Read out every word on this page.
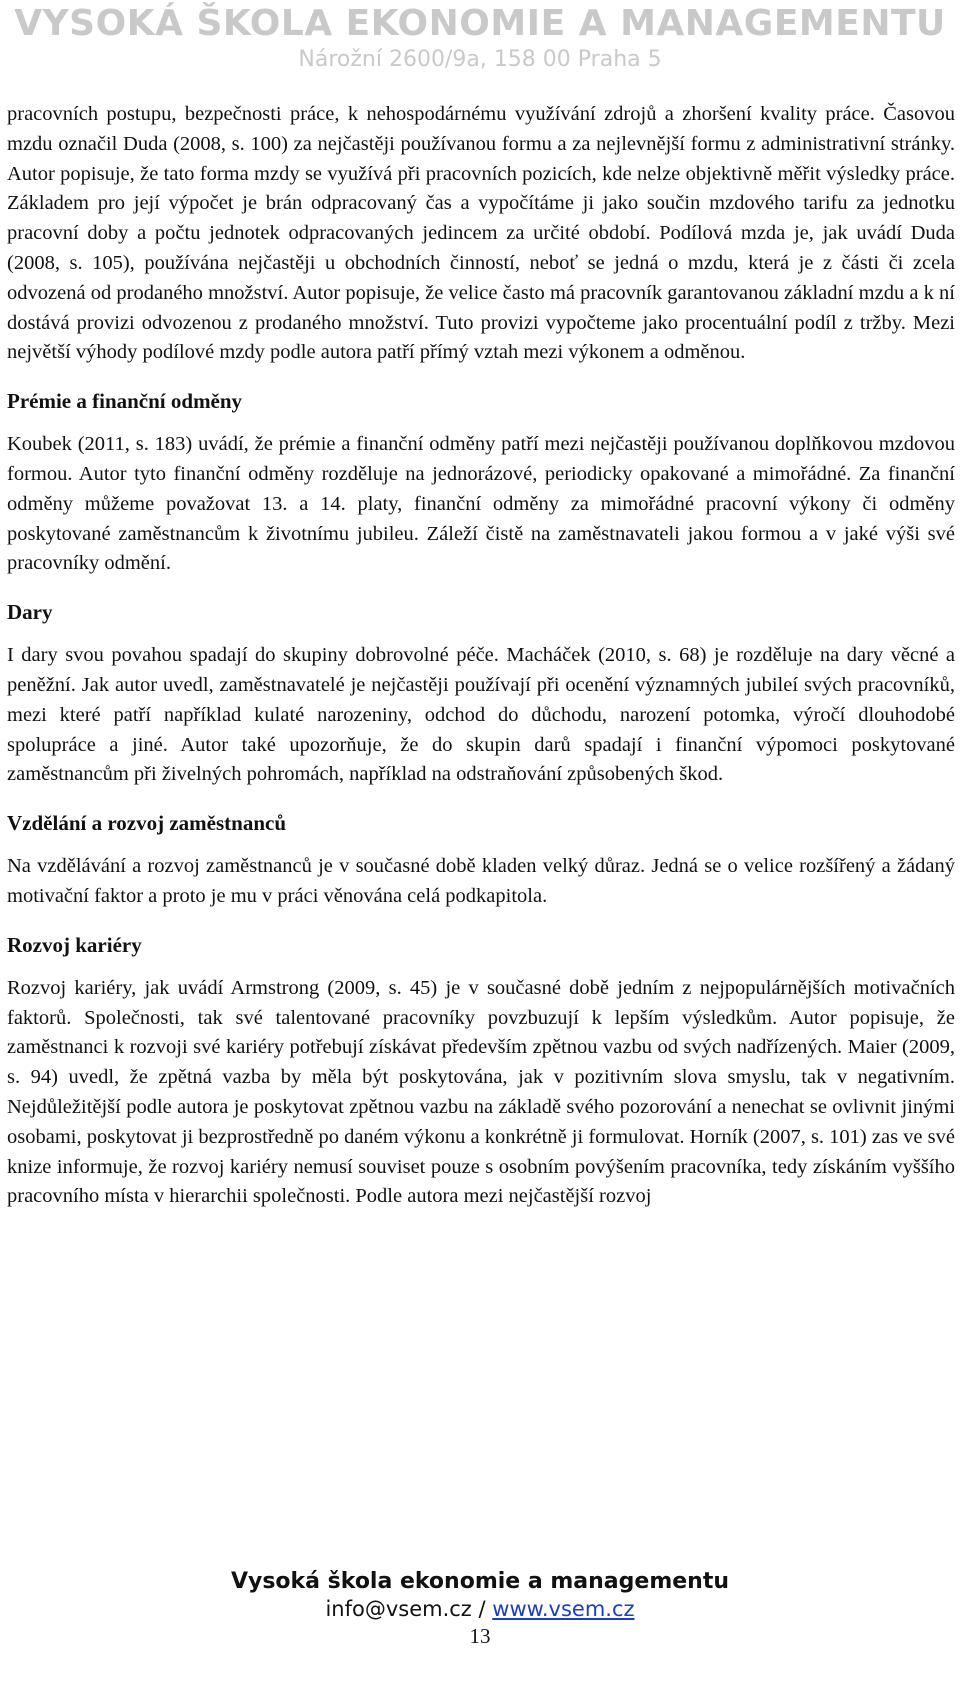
VYSOKÁ ŠKOLA EKONOMIE A MANAGEMENTU
Nárožní 2600/9a, 158 00 Praha 5

pracovních postupu, bezpečnosti práce, k nehospodárnému využívání zdrojů a zhoršení kvality práce. Časovou mzdu označil Duda (2008, s. 100) za nejčastěji používanou formu a za nejlevnější formu z administrativní stránky. Autor popisuje, že tato forma mzdy se využívá při pracovních pozicích, kde nelze objektivně měřit výsledky práce. Základem pro její výpočet je brán odpracovaný čas a vypočítáme ji jako součin mzdového tarifu za jednotku pracovní doby a počtu jednotek odpracovaných jedincem za určité období. Podílová mzda je, jak uvádí Duda (2008, s. 105), používána nejčastěji u obchodních činností, neboť se jedná o mzdu, která je z části či zcela odvozená od prodaného množství. Autor popisuje, že velice často má pracovník garantovanou základní mzdu a k ní dostává provizi odvozenou z prodaného množství. Tuto provizi vypočteme jako procentuální podíl z tržby. Mezi největší výhody podílové mzdy podle autora patří přímý vztah mezi výkonem a odměnou.

Prémie a finanční odměny

Koubek (2011, s. 183) uvádí, že prémie a finanční odměny patří mezi nejčastěji používanou doplňkovou mzdovou formou. Autor tyto finanční odměny rozděluje na jednorázové, periodicky opakované a mimořádné. Za finanční odměny můžeme považovat 13. a 14. platy, finanční odměny za mimořádné pracovní výkony či odměny poskytované zaměstnancům k životnímu jubileu. Záleží čistě na zaměstnavateli jakou formou a v jaké výši své pracovníky odmění.

Dary

I dary svou povahou spadají do skupiny dobrovolné péče. Macháček (2010, s. 68) je rozděluje na dary věcné a peněžní. Jak autor uvedl, zaměstnavatelé je nejčastěji používají při ocenění významných jubileí svých pracovníků, mezi které patří například kulaté narozeniny, odchod do důchodu, narození potomka, výročí dlouhodobé spolupráce a jiné. Autor také upozorňuje, že do skupin darů spadají i finanční výpomoci poskytované zaměstnancům při živelných pohromách, například na odstraňování způsobených škod.

Vzdělání a rozvoj zaměstnanců

Na vzdělávání a rozvoj zaměstnanců je v současné době kladen velký důraz. Jedná se o velice rozšířený a žádaný motivační faktor a proto je mu v práci věnována celá podkapitola.

Rozvoj kariéry

Rozvoj kariéry, jak uvádí Armstrong (2009, s. 45) je v současné době jedním z nejpopulárnějších motivačních faktorů. Společnosti, tak své talentované pracovníky povzbuzují k lepším výsledkům. Autor popisuje, že zaměstnanci k rozvoji své kariéry potřebují získávat především zpětnou vazbu od svých nadřízených. Maier (2009, s. 94) uvedl, že zpětná vazba by měla být poskytována, jak v pozitivním slova smyslu, tak v negativním. Nejdůležitější podle autora je poskytovat zpětnou vazbu na základě svého pozorování a nenechat se ovlivnit jinými osobami, poskytovat ji bezprostředně po daném výkonu a konkrétně ji formulovat. Horník (2007, s. 101) zas ve své knize informuje, že rozvoj kariéry nemusí souviset pouze s osobním povýšením pracovníka, tedy získáním vyššího pracovního místa v hierarchii společnosti. Podle autora mezi nejčastější rozvoj

Vysoká škola ekonomie a managementu
info@vsem.cz / www.vsem.cz
13
